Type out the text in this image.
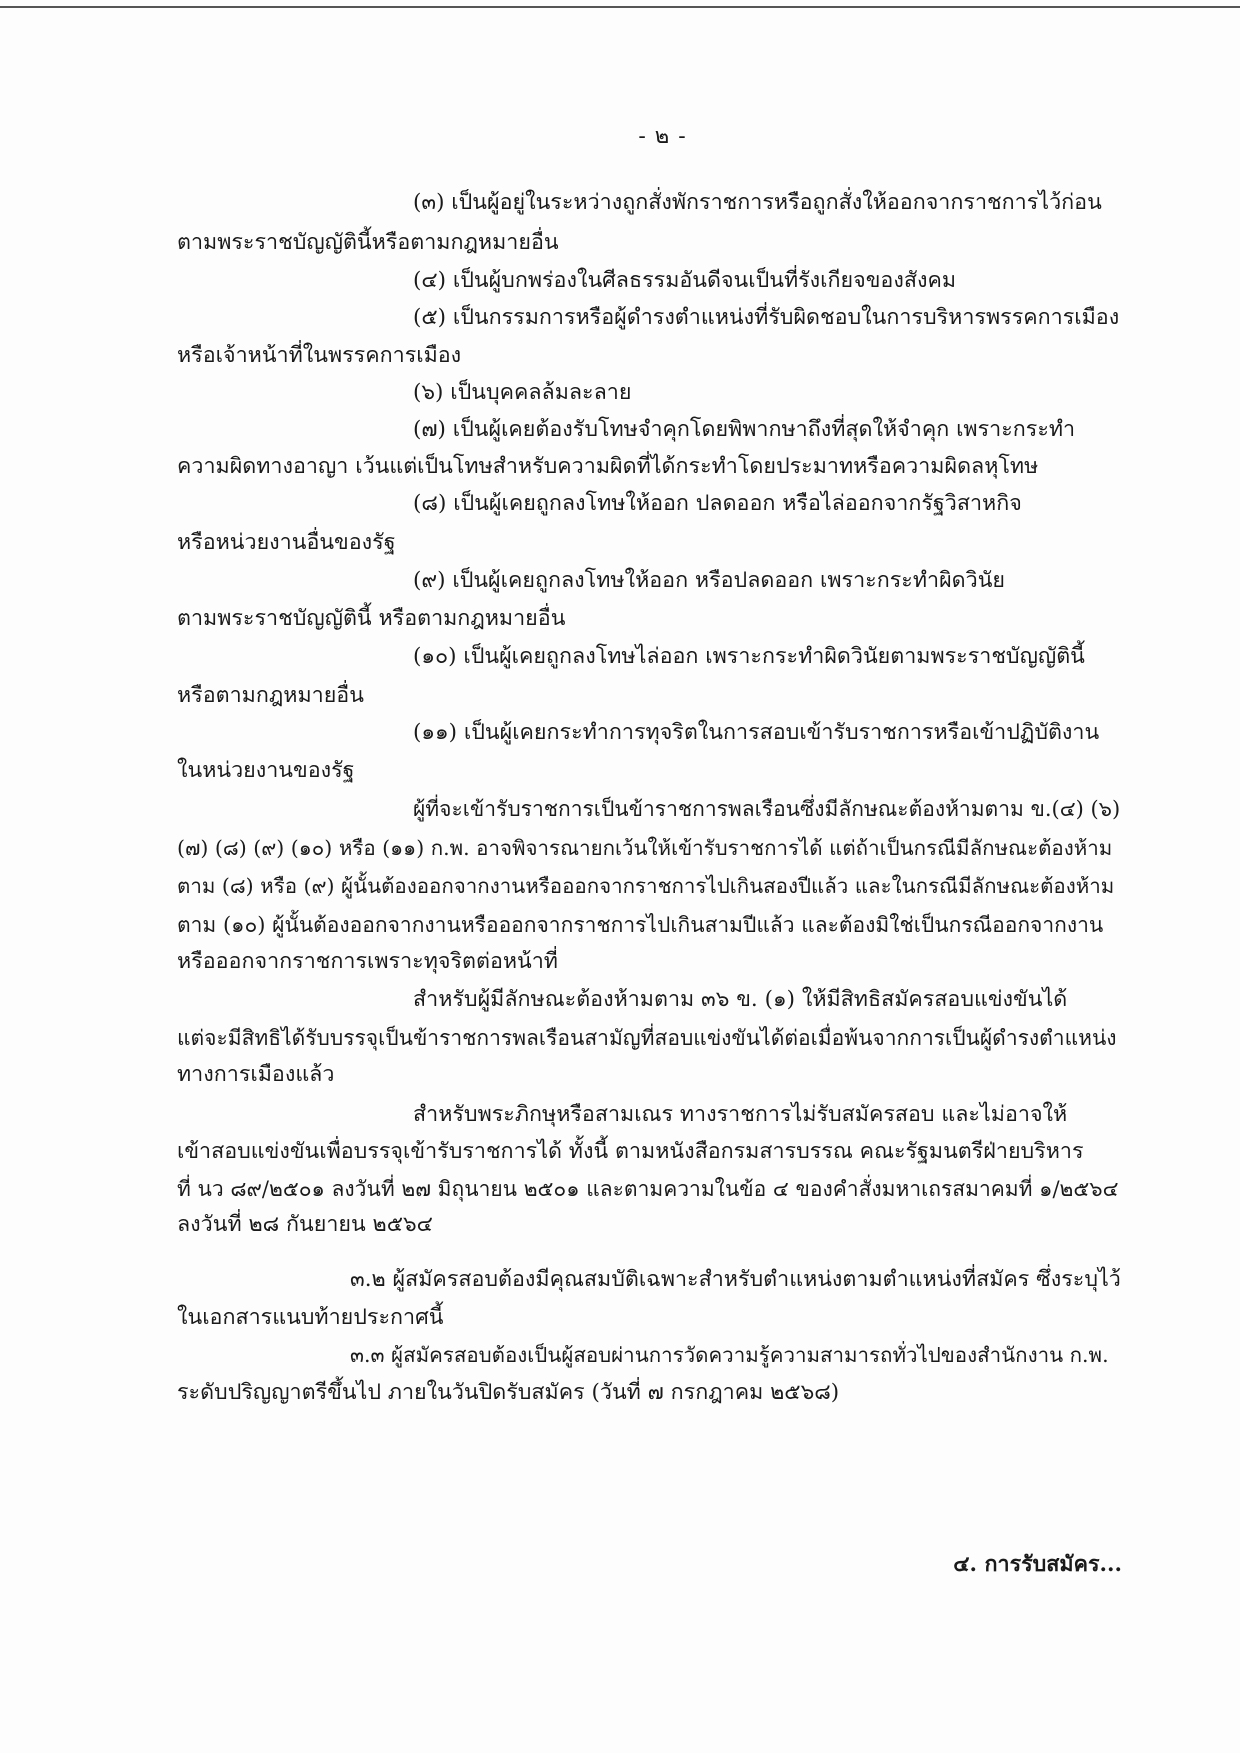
- ๒ -
(๓) เป็นผู้อยู่ในระหว่างถูกสั่งพักราชการหรือถูกสั่งให้ออกจากราชการไว้ก่อน
ตามพระราชบัญญัตินี้หรือตามกฎหมายอื่น
(๔) เป็นผู้บกพร่องในศีลธรรมอันดีจนเป็นที่รังเกียจของสังคม
(๕) เป็นกรรมการหรือผู้ดำรงตำแหน่งที่รับผิดชอบในการบริหารพรรคการเมือง
หรือเจ้าหน้าที่ในพรรคการเมือง
(๖) เป็นบุคคลล้มละลาย
(๗) เป็นผู้เคยต้องรับโทษจำคุกโดยพิพากษาถึงที่สุดให้จำคุก เพราะกระทำ
ความผิดทางอาญา เว้นแต่เป็นโทษสำหรับความผิดที่ได้กระทำโดยประมาทหรือความผิดลหุโทษ
(๘) เป็นผู้เคยถูกลงโทษให้ออก ปลดออก หรือไล่ออกจากรัฐวิสาหกิจ
หรือหน่วยงานอื่นของรัฐ
(๙) เป็นผู้เคยถูกลงโทษให้ออก หรือปลดออก เพราะกระทำผิดวินัย
ตามพระราชบัญญัตินี้ หรือตามกฎหมายอื่น
(๑๐) เป็นผู้เคยถูกลงโทษไล่ออก เพราะกระทำผิดวินัยตามพระราชบัญญัตินี้
หรือตามกฎหมายอื่น
(๑๑) เป็นผู้เคยกระทำการทุจริตในการสอบเข้ารับราชการหรือเข้าปฏิบัติงาน
ในหน่วยงานของรัฐ
ผู้ที่จะเข้ารับราชการเป็นข้าราชการพลเรือนซึ่งมีลักษณะต้องห้ามตาม ข.(๔) (๖)
(๗) (๘) (๙) (๑๐) หรือ (๑๑) ก.พ. อาจพิจารณายกเว้นให้เข้ารับราชการได้ แต่ถ้าเป็นกรณีมีลักษณะต้องห้าม
ตาม (๘) หรือ (๙) ผู้นั้นต้องออกจากงานหรือออกจากราชการไปเกินสองปีแล้ว และในกรณีมีลักษณะต้องห้าม
ตาม (๑๐) ผู้นั้นต้องออกจากงานหรือออกจากราชการไปเกินสามปีแล้ว และต้องมิใช่เป็นกรณีออกจากงาน
หรือออกจากราชการเพราะทุจริตต่อหน้าที่
สำหรับผู้มีลักษณะต้องห้ามตาม ๓๖ ข. (๑) ให้มีสิทธิสมัครสอบแข่งขันได้
แต่จะมีสิทธิได้รับบรรจุเป็นข้าราชการพลเรือนสามัญที่สอบแข่งขันได้ต่อเมื่อพ้นจากการเป็นผู้ดำรงตำแหน่ง
ทางการเมืองแล้ว
สำหรับพระภิกษุหรือสามเณร ทางราชการไม่รับสมัครสอบ และไม่อาจให้
เข้าสอบแข่งขันเพื่อบรรจุเข้ารับราชการได้ ทั้งนี้ ตามหนังสือกรมสารบรรณ คณะรัฐมนตรีฝ่ายบริหาร
ที่ นว ๘๙/๒๕๐๑ ลงวันที่ ๒๗ มิถุนายน ๒๕๐๑ และตามความในข้อ ๔ ของคำสั่งมหาเถรสมาคมที่ ๑/๒๕๖๔
ลงวันที่ ๒๘ กันยายน ๒๕๖๔
๓.๒ ผู้สมัครสอบต้องมีคุณสมบัติเฉพาะสำหรับตำแหน่งตามตำแหน่งที่สมัคร ซึ่งระบุไว้
ในเอกสารแนบท้ายประกาศนี้
๓.๓ ผู้สมัครสอบต้องเป็นผู้สอบผ่านการวัดความรู้ความสามารถทั่วไปของสำนักงาน ก.พ.
ระดับปริญญาตรีขึ้นไป ภายในวันปิดรับสมัคร (วันที่ ๗ กรกฎาคม ๒๕๖๘)
๔. การรับสมัคร...
